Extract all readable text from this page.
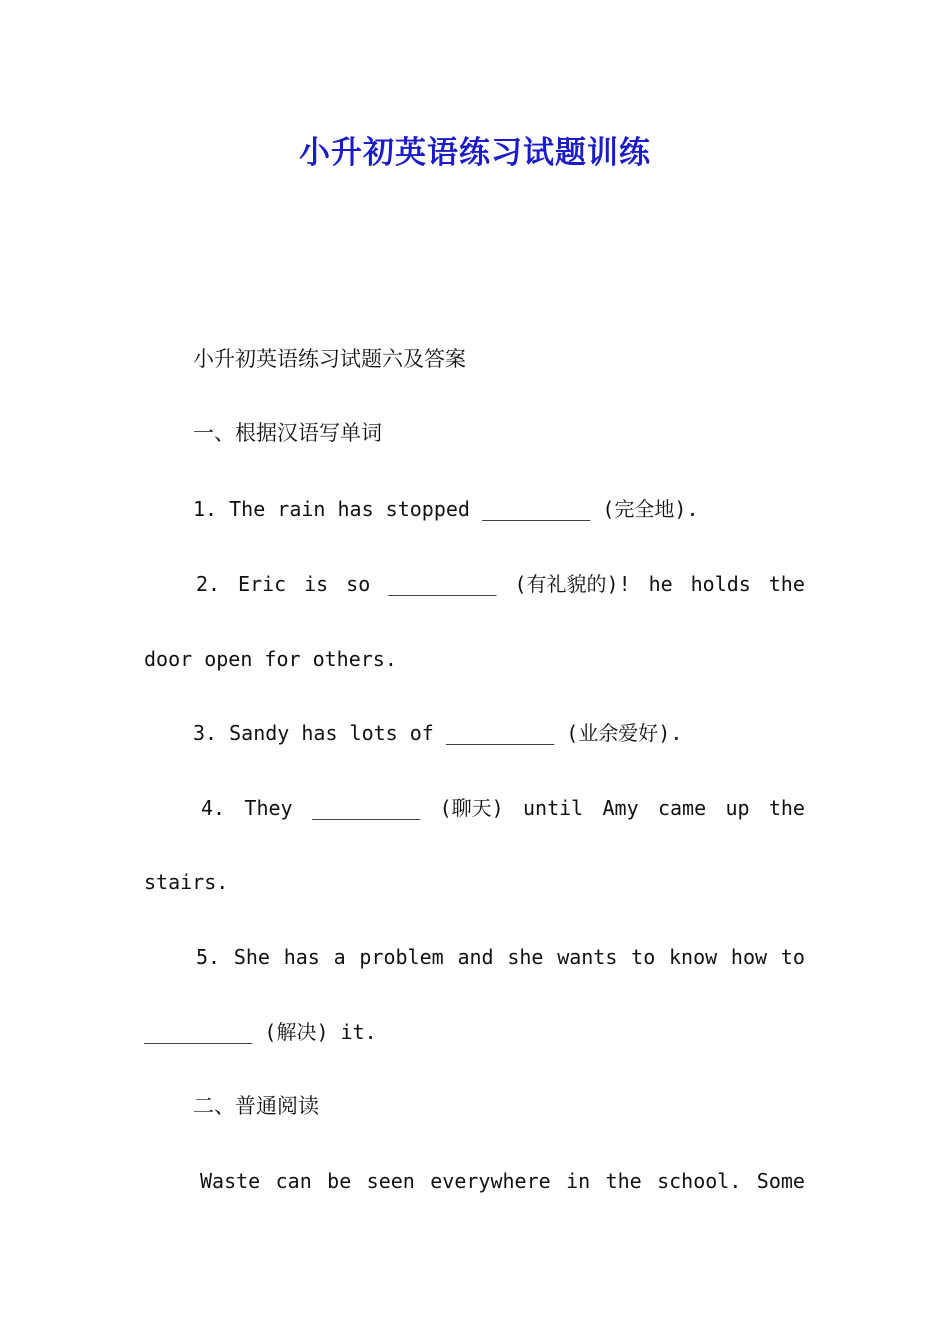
小升初英语练习试题训练
小升初英语练习试题六及答案
一、根据汉语写单词
1. The rain has stopped _________ (完全地).
2. Eric is so _________ (有礼貌的)! he holds the
door open for others.
3. Sandy has lots of _________ (业余爱好).
4. They _________ (聊天) until Amy came up the
stairs.
5. She has a problem and she wants to know how to
_________ (解决) it.
二、普通阅读
Waste can be seen everywhere in the school. Some
